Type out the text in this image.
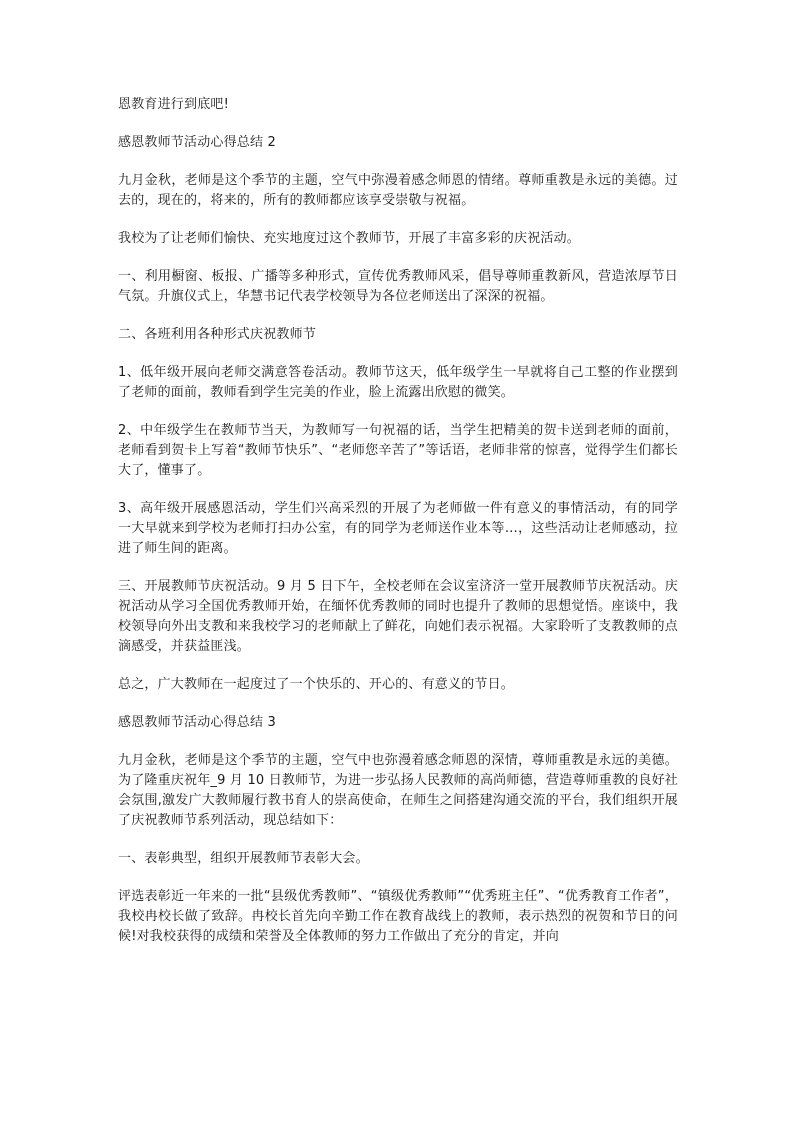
恩教育进行到底吧!

感恩教师节活动心得总结 2

九月金秋，老师是这个季节的主题，空气中弥漫着感念师恩的情绪。尊师重教是永远的美德。过去的，现在的，将来的，所有的教师都应该享受崇敬与祝福。

我校为了让老师们愉快、充实地度过这个教师节，开展了丰富多彩的庆祝活动。

一、利用橱窗、板报、广播等多种形式，宣传优秀教师风采，倡导尊师重教新风，营造浓厚节日气氛。升旗仪式上，华慧书记代表学校领导为各位老师送出了深深的祝福。

二、各班利用各种形式庆祝教师节

1、低年级开展向老师交满意答卷活动。教师节这天，低年级学生一早就将自己工整的作业摆到了老师的面前，教师看到学生完美的作业，脸上流露出欣慰的微笑。

2、中年级学生在教师节当天，为教师写一句祝福的话，当学生把精美的贺卡送到老师的面前，老师看到贺卡上写着“教师节快乐”、“老师您辛苦了”等话语，老师非常的惊喜，觉得学生们都长大了，懂事了。

3、高年级开展感恩活动，学生们兴高采烈的开展了为老师做一件有意义的事情活动，有的同学一大早就来到学校为老师打扫办公室，有的同学为老师送作业本等…，这些活动让老师感动，拉进了师生间的距离。

三、开展教师节庆祝活动。9 月 5 日下午，全校老师在会议室济济一堂开展教师节庆祝活动。庆祝活动从学习全国优秀教师开始，在缅怀优秀教师的同时也提升了教师的思想觉悟。座谈中，我校领导向外出支教和来我校学习的老师献上了鲜花，向她们表示祝福。大家聆听了支教教师的点滴感受，并获益匪浅。

总之，广大教师在一起度过了一个快乐的、开心的、有意义的节日。

感恩教师节活动心得总结 3

九月金秋，老师是这个季节的主题，空气中也弥漫着感念师恩的深情，尊师重教是永远的美德。为了隆重庆祝年_9 月 10 日教师节，为进一步弘扬人民教师的高尚师德，营造尊师重教的良好社会氛围,激发广大教师履行教书育人的崇高使命，在师生之间搭建沟通交流的平台，我们组织开展了庆祝教师节系列活动，现总结如下：

一、表彰典型，组织开展教师节表彰大会。

评选表彰近一年来的一批“县级优秀教师”、“镇级优秀教师”“优秀班主任”、“优秀教育工作者”，我校冉校长做了致辞。冉校长首先向辛勤工作在教育战线上的教师，表示热烈的祝贺和节日的问候!对我校获得的成绩和荣誉及全体教师的努力工作做出了充分的肯定，并向
